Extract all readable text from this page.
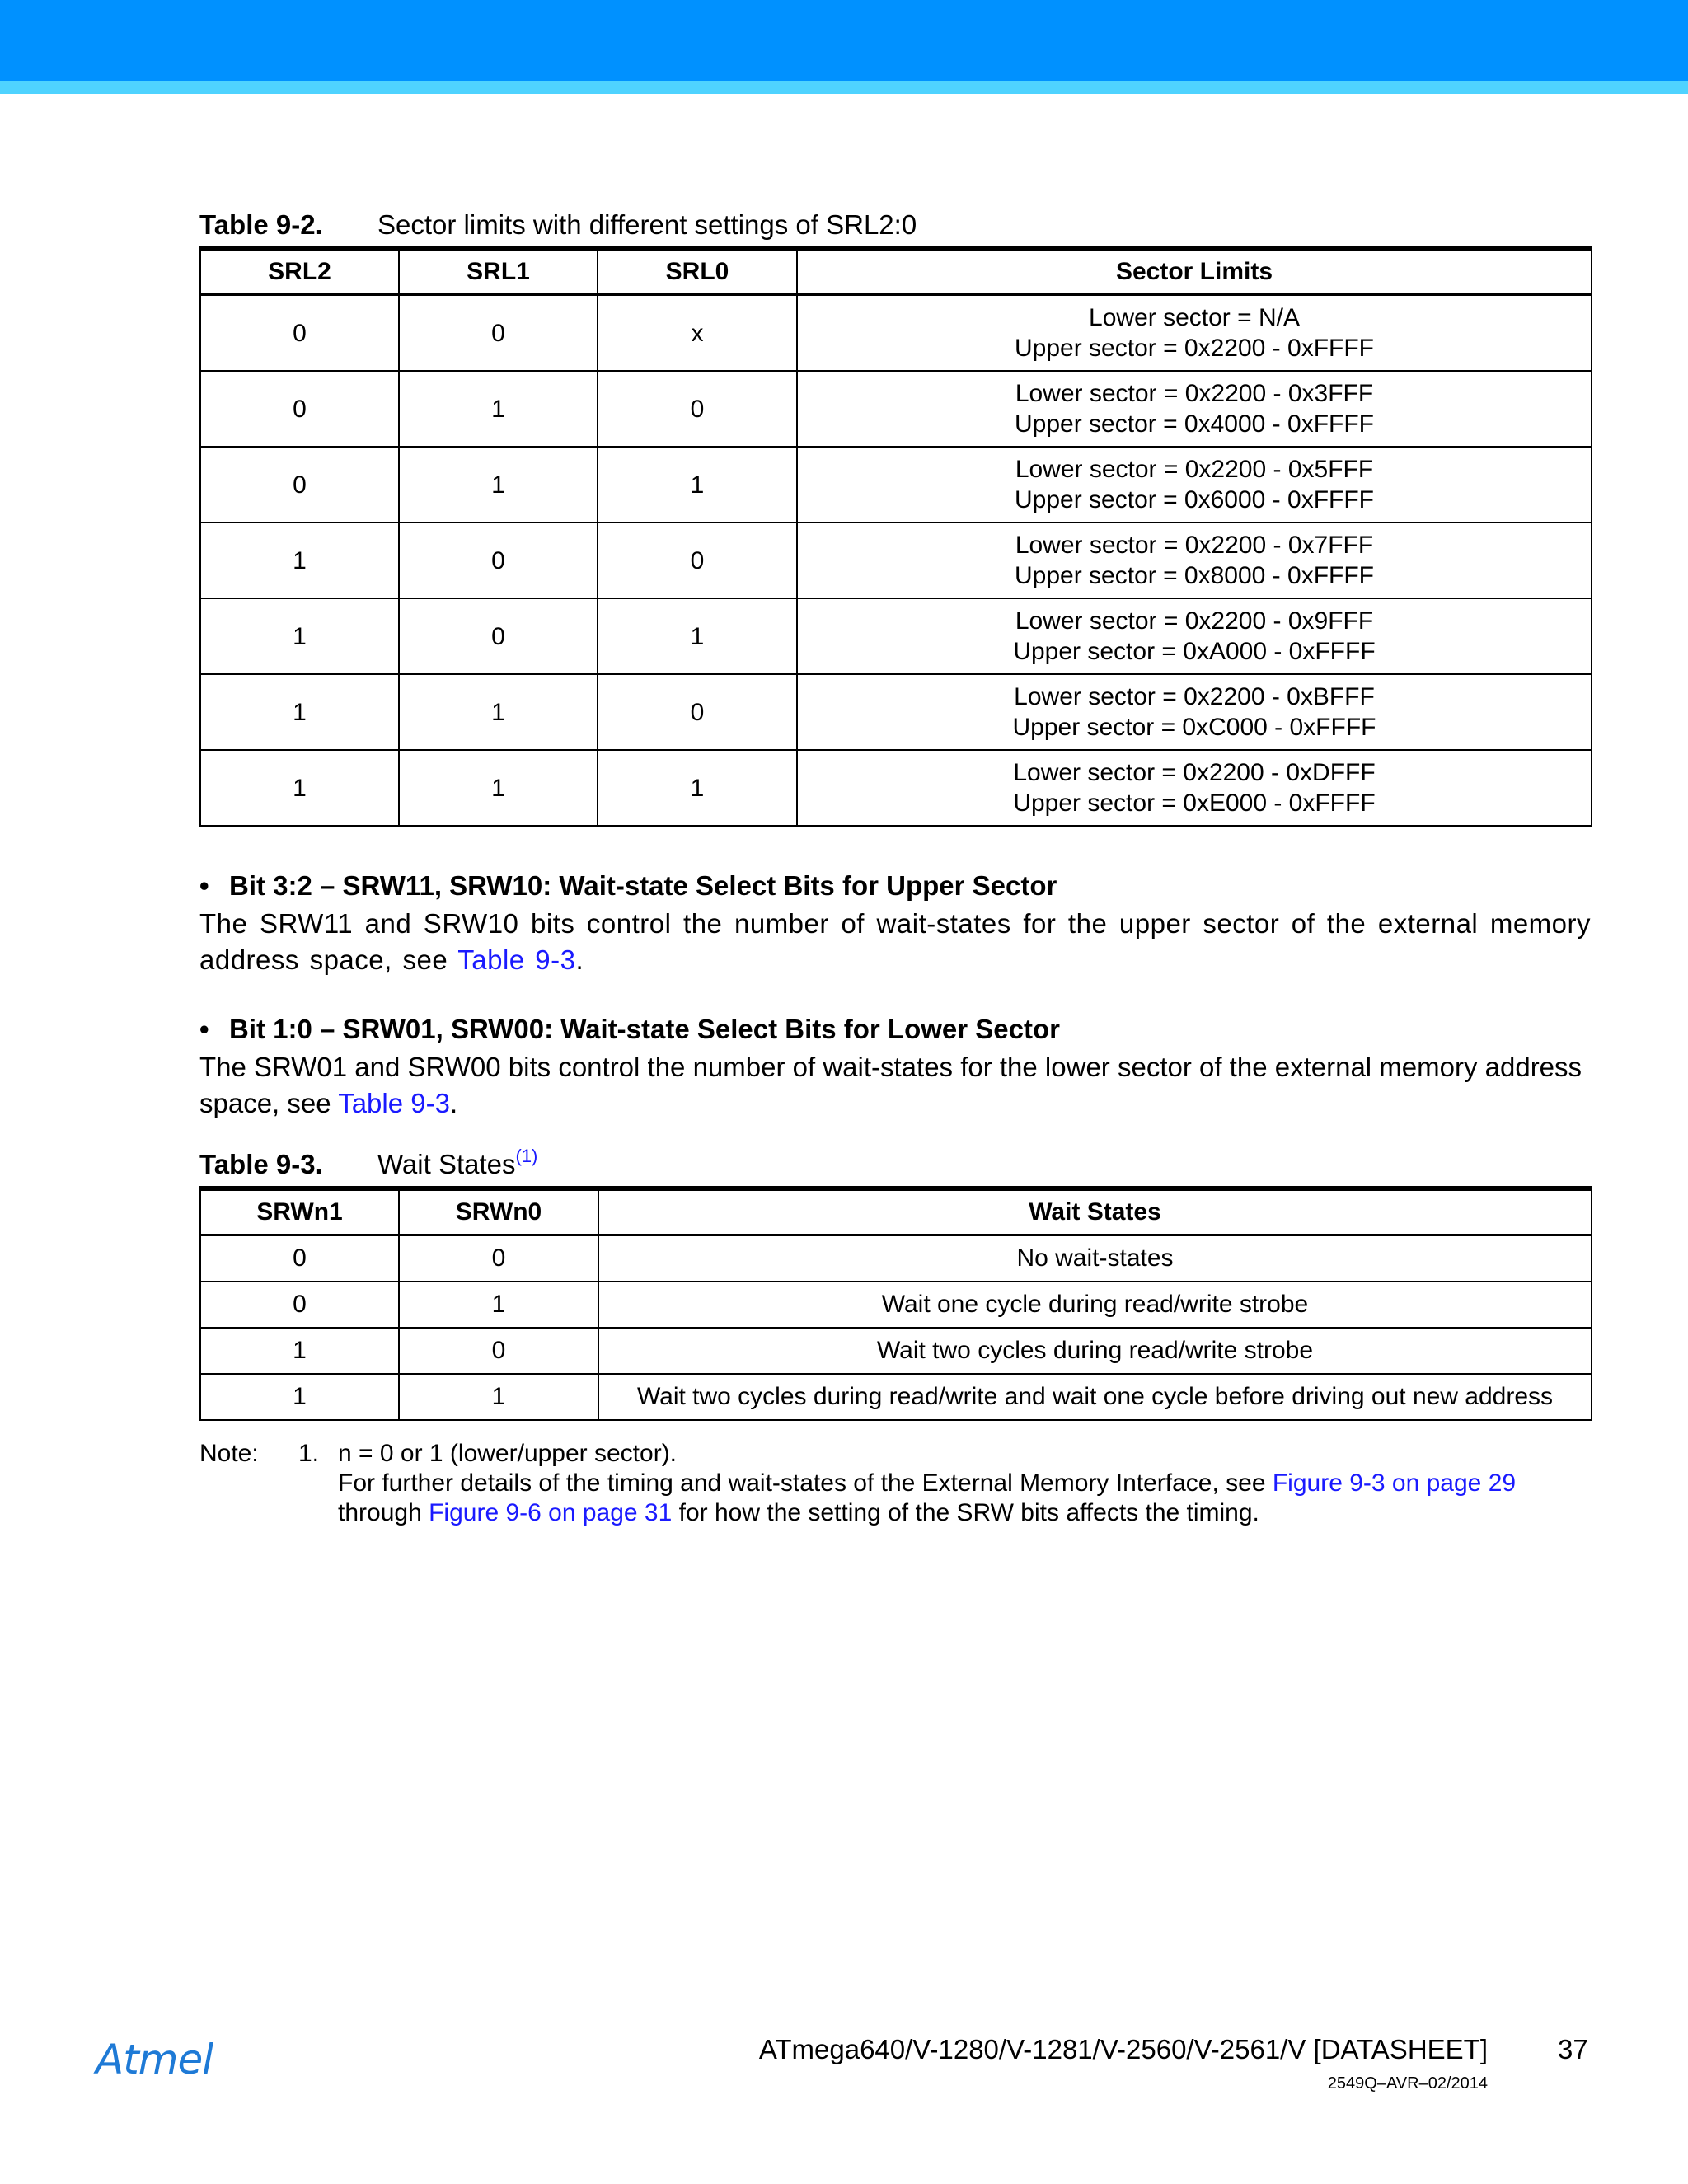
Table 9-2. Sector limits with different settings of SRL2:0
SRL2	SRL1	SRL0	Sector Limits
0	0	x	Lower sector = N/A
Upper sector = 0x2200 - 0xFFFF

0	1	0	Lower sector = 0x2200 - 0x3FFF
Upper sector = 0x4000 - 0xFFFF

0	1	1	Lower sector = 0x2200 - 0x5FFF
Upper sector = 0x6000 - 0xFFFF

1	0	0	Lower sector = 0x2200 - 0x7FFF
Upper sector = 0x8000 - 0xFFFF

1	0	1	Lower sector = 0x2200 - 0x9FFF
Upper sector = 0xA000 - 0xFFFF

1	1	0	Lower sector = 0x2200 - 0xBFFF
Upper sector = 0xC000 - 0xFFFF

1	1	1	Lower sector = 0x2200 - 0xDFFF
Upper sector = 0xE000 - 0xFFFF
• Bit 3:2 – SRW11, SRW10: Wait-state Select Bits for Upper Sector
The SRW11 and SRW10 bits control the number of wait-states for the upper sector of the external memory address space, see Table 9-3.
• Bit 1:0 – SRW01, SRW00: Wait-state Select Bits for Lower Sector
The SRW01 and SRW00 bits control the number of wait-states for the lower sector of the external memory address space, see Table 9-3.
Table 9-3. Wait States$^{(1)}$
SRWn1	SRWn0	Wait States
0	0	No wait-states
0	1	Wait one cycle during read/write strobe
1	0	Wait two cycles during read/write strobe
1	1	Wait two cycles during read/write and wait one cycle before driving out new address
Note: 1. n = 0 or 1 (lower/upper sector).
For further details of the timing and wait-states of the External Memory Interface, see Figure 9-3 on page 29
through Figure 9-6 on page 31 for how the setting of the SRW bits affects the timing.
Atmel	ATmega640/V-1280/V-1281/V-2560/V-2561/V [DATASHEET]	37
2549Q–AVR–02/2014
